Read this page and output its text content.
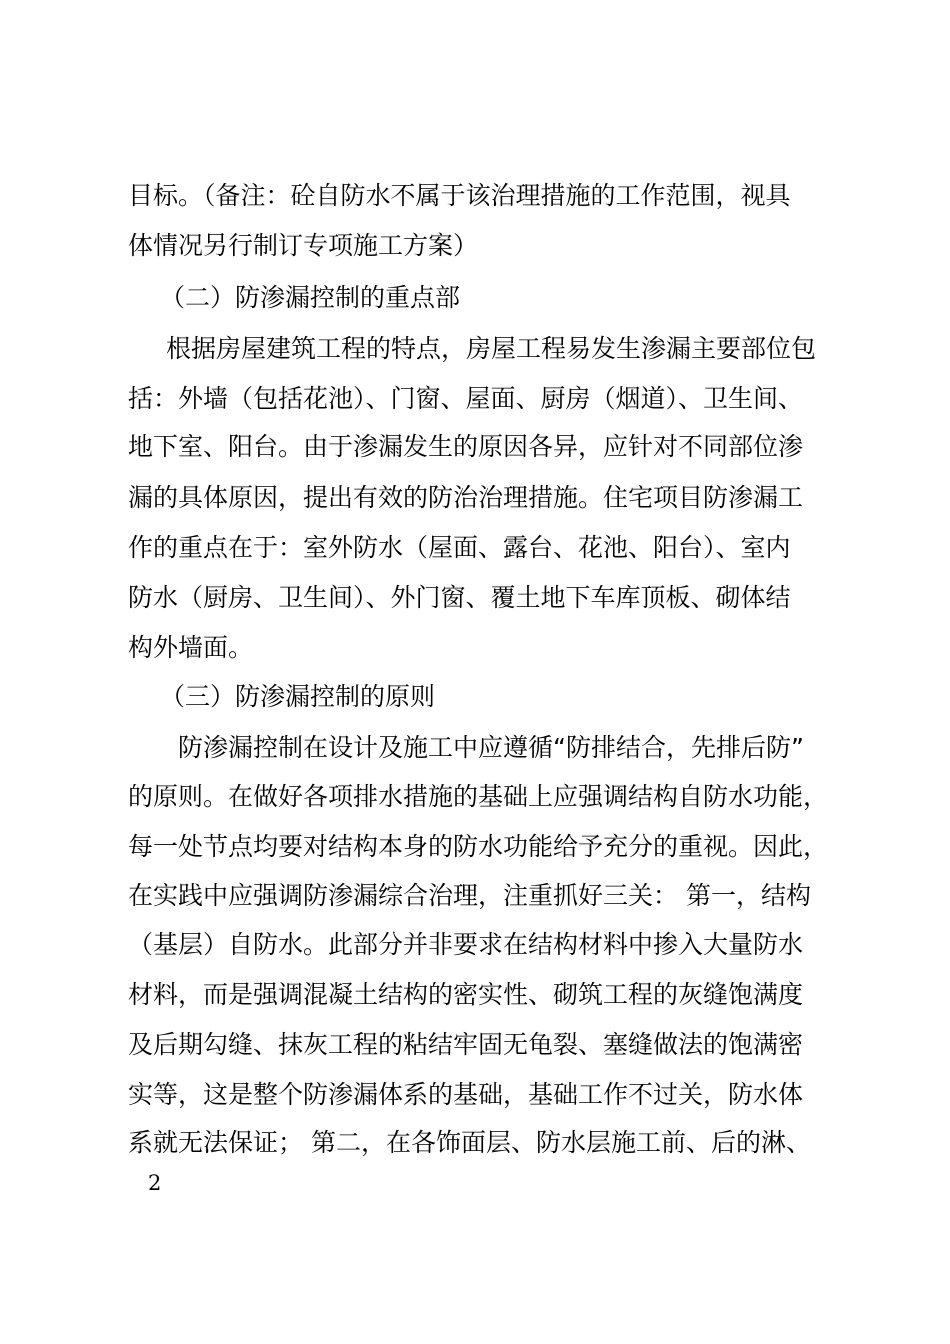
目标。（备注：砼自防水不属于该治理措施的工作范围，视具
体情况另行制订专项施工方案）
（二）防渗漏控制的重点部
根据房屋建筑工程的特点，房屋工程易发生渗漏主要部位包
括：外墙（包括花池）、门窗、屋面、厨房（烟道）、卫生间、
地下室、阳台。由于渗漏发生的原因各异，应针对不同部位渗
漏的具体原因，提出有效的防治治理措施。住宅项目防渗漏工
作的重点在于：室外防水（屋面、露台、花池、阳台）、室内
防水（厨房、卫生间）、外门窗、覆土地下车库顶板、砌体结
构外墙面。
（三）防渗漏控制的原则
防渗漏控制在设计及施工中应遵循“防排结合，先排后防”
的原则。在做好各项排水措施的基础上应强调结构自防水功能，
每一处节点均要对结构本身的防水功能给予充分的重视。因此，
在实践中应强调防渗漏综合治理，注重抓好三关： 第一，结构
（基层）自防水。此部分并非要求在结构材料中掺入大量防水
材料，而是强调混凝土结构的密实性、砌筑工程的灰缝饱满度
及后期勾缝、抹灰工程的粘结牢固无龟裂、塞缝做法的饱满密
实等，这是整个防渗漏体系的基础，基础工作不过关，防水体
系就无法保证； 第二，在各饰面层、防水层施工前、后的淋、
2
